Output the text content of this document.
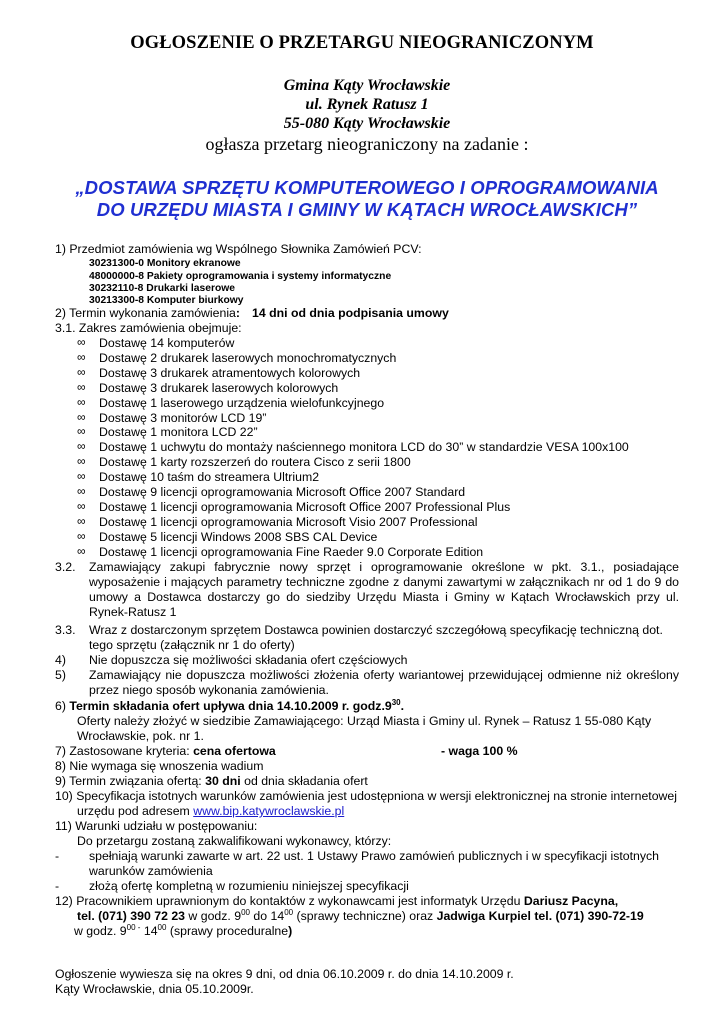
OGŁOSZENIE O PRZETARGU NIEOGRANICZONYM
Gmina Kąty Wrocławskie
ul. Rynek Ratusz 1
55-080 Kąty Wrocławskie
ogłasza przetarg nieograniczony na zadanie :
„DOSTAWA SPRZĘTU KOMPUTEROWEGO I OPROGRAMOWANIA
DO URZĘDU MIASTA I GMINY W KĄTACH WROCŁAWSKICH”
1) Przedmiot zamówienia wg Wspólnego Słownika Zamówień PCV:
30231300-0 Monitory ekranowe
48000000-8 Pakiety oprogramowania i systemy informatyczne
30232110-8 Drukarki laserowe
30213300-8 Komputer biurkowy
2) Termin wykonania zamówienia: 14 dni od dnia podpisania umowy
3.1. Zakres zamówienia obejmuje:
∞ Dostawę 14 komputerów
∞ Dostawę 2 drukarek laserowych monochromatycznych
∞ Dostawę 3 drukarek atramentowych kolorowych
∞ Dostawę 3 drukarek laserowych kolorowych
∞ Dostawę 1 laserowego urządzenia wielofunkcyjnego
∞ Dostawę 3 monitorów LCD 19”
∞ Dostawę 1 monitora LCD 22”
∞ Dostawę 1 uchwytu do montaży naściennego monitora LCD do 30” w standardzie VESA 100x100
∞ Dostawę 1 karty rozszerzeń do routera Cisco z serii 1800
∞ Dostawę 10 taśm do streamera Ultrium2
∞ Dostawę 9 licencji oprogramowania Microsoft Office 2007 Standard
∞ Dostawę 1 licencji oprogramowania Microsoft Office 2007 Professional Plus
∞ Dostawę 1 licencji oprogramowania Microsoft Visio 2007 Professional
∞ Dostawę 5 licencji Windows 2008 SBS CAL Device
∞ Dostawę 1 licencji oprogramowania Fine Raeder 9.0 Corporate Edition
3.2. Zamawiający zakupi fabrycznie nowy sprzęt i oprogramowanie określone w pkt. 3.1., posiadające wyposażenie i mających parametry techniczne zgodne z danymi zawartymi w załącznikach nr od 1 do 9 do umowy a Dostawca dostarczy go do siedziby Urzędu Miasta i Gminy w Kątach Wrocławskich przy ul. Rynek-Ratusz 1
3.3. Wraz z dostarczonym sprzętem Dostawca powinien dostarczyć szczegółową specyfikację techniczną dot.
tego sprzętu (załącznik nr 1 do oferty)
4) Nie dopuszcza się możliwości składania ofert częściowych
5) Zamawiający nie dopuszcza możliwości złożenia oferty wariantowej przewidującej odmienne niż określony przez niego sposób wykonania zamówienia.
6) Termin składania ofert upływa dnia 14.10.2009 r. $godz.9^{30}$.
Oferty należy złożyć w siedzibie Zamawiającego: Urząd Miasta i Gminy ul. Rynek – Ratusz 1 55-080 Kąty
Wrocławskie, pok. nr 1.
7) Zastosowane kryteria: cena ofertowa	- waga 100 %
8) Nie wymaga się wnoszenia wadium
9) Termin związania ofertą: 30 dni od dnia składania ofert
10) Specyfikacja istotnych warunków zamówienia jest udostępniona w wersji elektronicznej na stronie internetowej
urzędu pod adresem www.bip.katywroclawskie.pl
11) Warunki udziału w postępowaniu:
Do przetargu zostaną zakwalifikowani wykonawcy, którzy:
- spełniają warunki zawarte w art. 22 ust. 1 Ustawy Prawo zamówień publicznych i w specyfikacji istotnych
warunków zamówienia
- złożą ofertę kompletną w rozumieniu niniejszej specyfikacji
12) Pracownikiem uprawnionym do kontaktów z wykonawcami jest informatyk Urzędu Dariusz Pacyna,
tel. (071) 390 72 23 w godz. $9^{00}$ do $14^{00}$ (sprawy techniczne) oraz Jadwiga Kurpiel tel. (071) 390-72-19
w godz. $9^{00 -}$ $14^{00}$ (sprawy proceduralne)
Ogłoszenie wywiesza się na okres 9 dni, od dnia 06.10.2009 r. do dnia 14.10.2009 r.
Kąty Wrocławskie, dnia 05.10.2009r.
